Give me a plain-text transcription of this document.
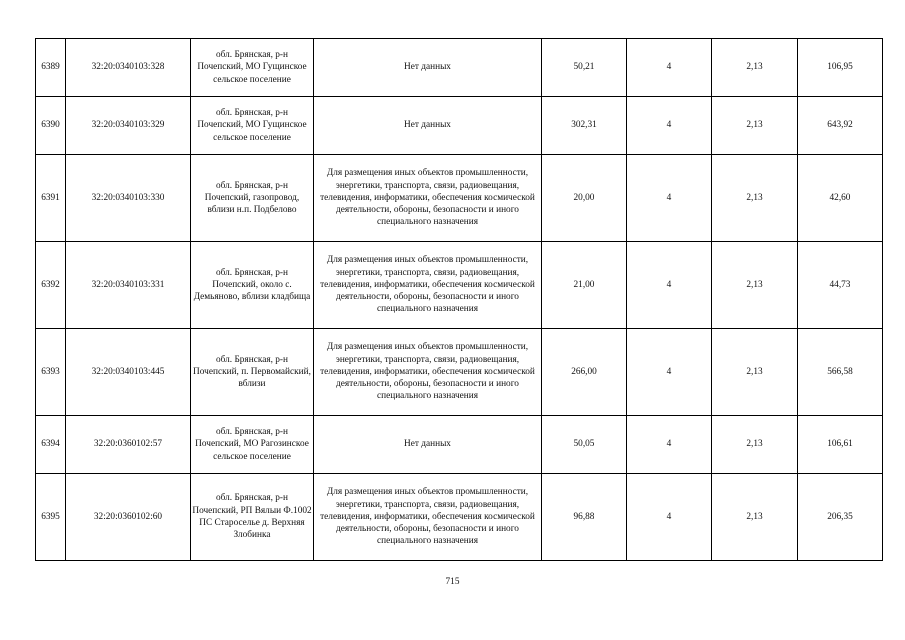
6389	32:20:0340103:328	обл. Брянская, р-н Почепский, МО Гущинское сельское поселение	Нет данных	50,21	4	2,13	106,95
6390	32:20:0340103:329	обл. Брянская, р-н Почепский, МО Гущинское сельское поселение	Нет данных	302,31	4	2,13	643,92
6391	32:20:0340103:330	обл. Брянская, р-н Почепский, газопровод, вблизи н.п. Подбелово	Для размещения иных объектов промышленности, энергетики, транспорта, связи, радиовещания, телевидения, информатики, обеспечения космической деятельности, обороны, безопасности и иного специального назначения	20,00	4	2,13	42,60
6392	32:20:0340103:331	обл. Брянская, р-н Почепский, около с. Демьяново, вблизи кладбища	Для размещения иных объектов промышленности, энергетики, транспорта, связи, радиовещания, телевидения, информатики, обеспечения космической деятельности, обороны, безопасности и иного специального назначения	21,00	4	2,13	44,73
6393	32:20:0340103:445	обл. Брянская, р-н Почепский, п. Первомайский, вблизи	Для размещения иных объектов промышленности, энергетики, транспорта, связи, радиовещания, телевидения, информатики, обеспечения космической деятельности, обороны, безопасности и иного специального назначения	266,00	4	2,13	566,58
6394	32:20:0360102:57	обл. Брянская, р-н Почепский, МО Рагозинское сельское поселение	Нет данных	50,05	4	2,13	106,61
6395	32:20:0360102:60	обл. Брянская, р-н Почепский, РП Вялыи Ф.1002 ПС Староселье д. Верхняя Злобинка	Для размещения иных объектов промышленности, энергетики, транспорта, связи, радиовещания, телевидения, информатики, обеспечения космической деятельности, обороны, безопасности и иного специального назначения	96,88	4	2,13	206,35
715
